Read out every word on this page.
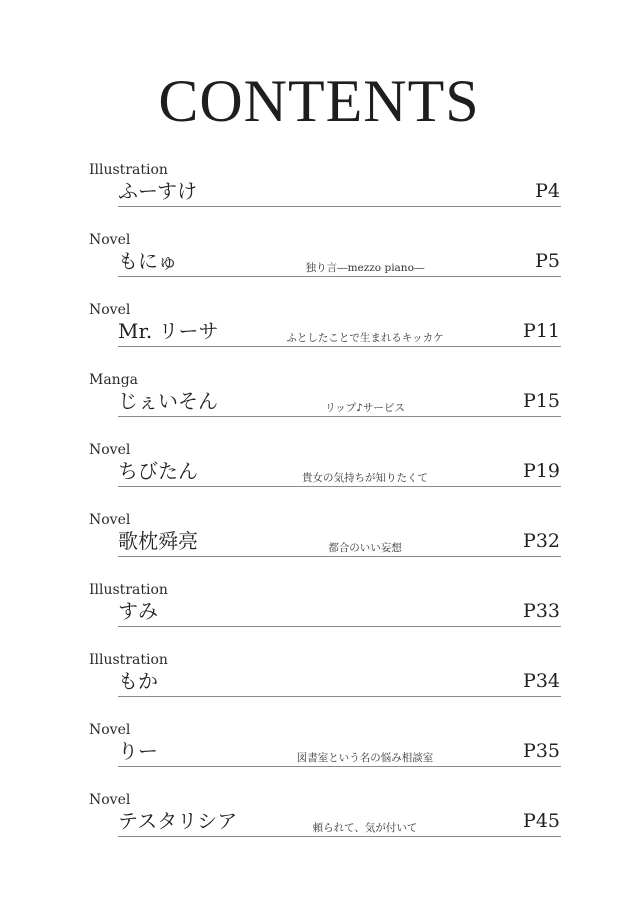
CONTENTS
Illustration
ふーすけ	P4
Novel
もにゅ	独り言―mezzo piano―	P5
Novel
Mr. リーサ	ふとしたことで生まれるキッカケ	P11
Manga
じぇいそん	リップ♪サービス	P15
Novel
ちびたん	貴女の気持ちが知りたくて	P19
Novel
歌枕舜亮	都合のいい妄想	P32
Illustration
すみ	P33
Illustration
もか	P34
Novel
りー	図書室という名の悩み相談室	P35
Novel
テスタリシア	頼られて、気が付いて	P45
